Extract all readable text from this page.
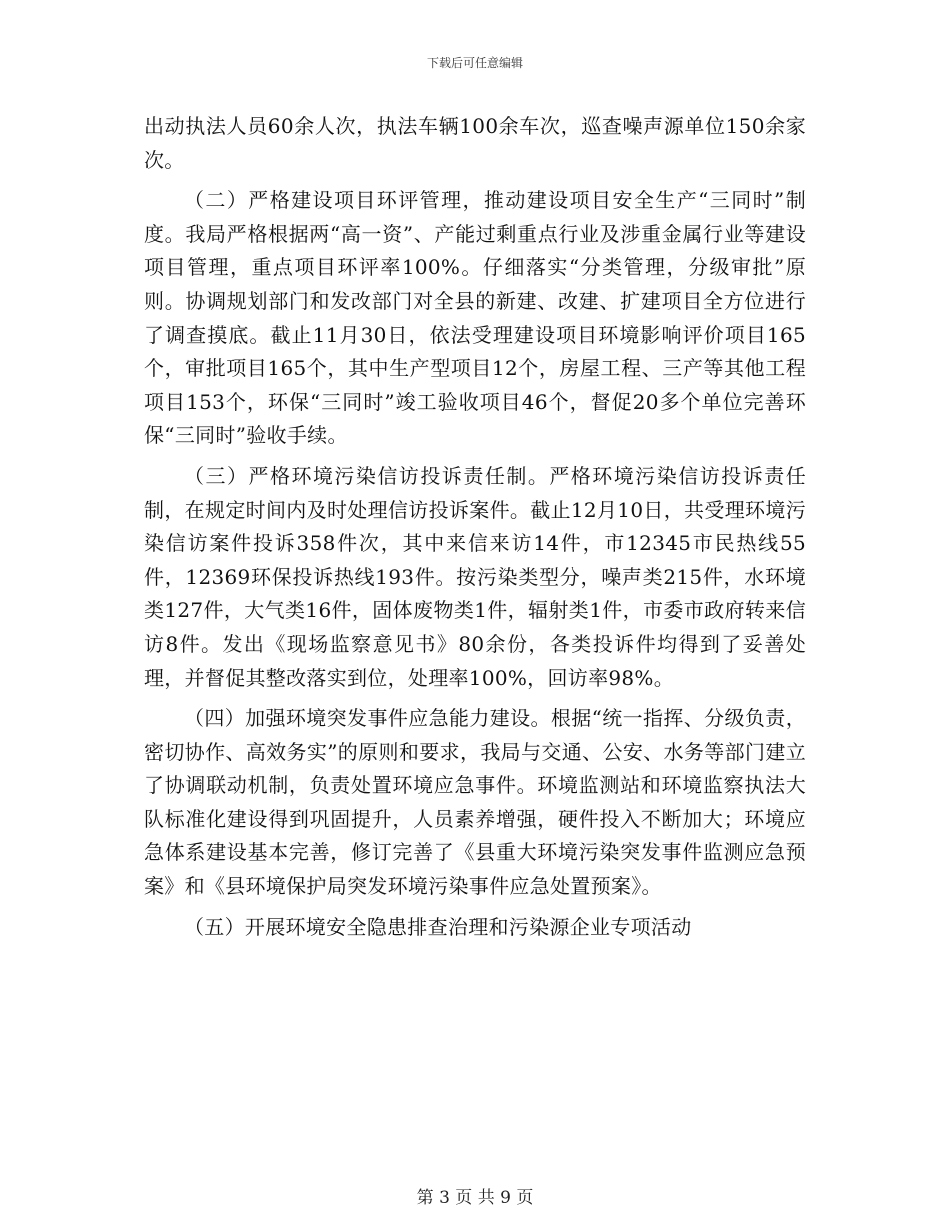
下载后可任意编辑

出动执法人员60余人次，执法车辆100余车次，巡查噪声源单位150余家次。

（二）严格建设项目环评管理，推动建设项目安全生产“三同时”制度。我局严格根据两“高一资”、产能过剩重点行业及涉重金属行业等建设项目管理，重点项目环评率100%。仔细落实“分类管理，分级审批”原则。协调规划部门和发改部门对全县的新建、改建、扩建项目全方位进行了调查摸底。截止11月30日，依法受理建设项目环境影响评价项目165个，审批项目165个，其中生产型项目12个，房屋工程、三产等其他工程项目153个，环保“三同时”竣工验收项目46个，督促20多个单位完善环保“三同时”验收手续。

（三）严格环境污染信访投诉责任制。严格环境污染信访投诉责任制，在规定时间内及时处理信访投诉案件。截止12月10日，共受理环境污染信访案件投诉358件次，其中来信来访14件，市12345市民热线55件，12369环保投诉热线193件。按污染类型分，噪声类215件，水环境类127件，大气类16件，固体废物类1件，辐射类1件，市委市政府转来信访8件。发出《现场监察意见书》80余份，各类投诉件均得到了妥善处理，并督促其整改落实到位，处理率100%，回访率98%。

（四）加强环境突发事件应急能力建设。根据“统一指挥、分级负责，密切协作、高效务实”的原则和要求，我局与交通、公安、水务等部门建立了协调联动机制，负责处置环境应急事件。环境监测站和环境监察执法大队标准化建设得到巩固提升，人员素养增强，硬件投入不断加大；环境应急体系建设基本完善，修订完善了《县重大环境污染突发事件监测应急预案》和《县环境保护局突发环境污染事件应急处置预案》。

（五）开展环境安全隐患排查治理和污染源企业专项活动

第 3 页 共 9 页
